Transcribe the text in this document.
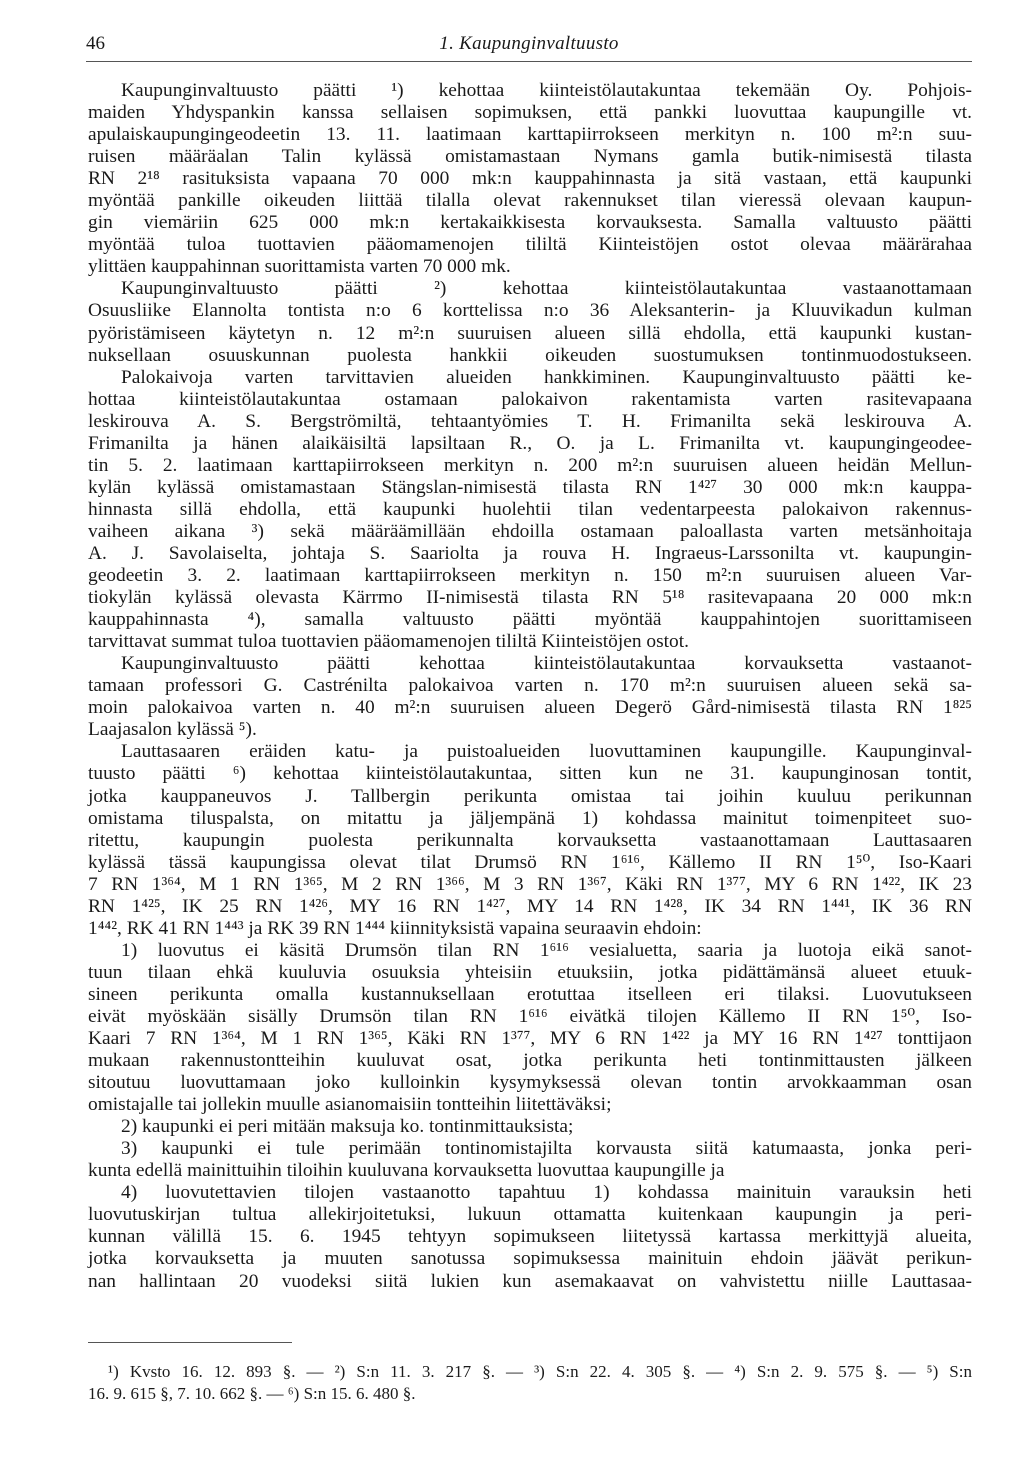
46	1. Kaupunginvaltuusto
Kaupunginvaltuusto päätti ¹) kehottaa kiinteistölautakuntaa tekemään Oy. Pohjois-
maiden Yhdyspankin kanssa sellaisen sopimuksen, että pankki luovuttaa kaupungille vt.
apulaiskaupungingeodeetin 13. 11. laatimaan karttapiirrokseen merkityn n. 100 m²:n suu-
ruisen määräalan Talin kylässä omistamastaan Nymans gamla butik-nimisestä tilasta
RN 2¹⁸ rasituksista vapaana 70 000 mk:n kauppahinnasta ja sitä vastaan, että kaupunki
myöntää pankille oikeuden liittää tilalla olevat rakennukset tilan vieressä olevaan kaupun-
gin viemäriin 625 000 mk:n kertakaikkisesta korvauksesta. Samalla valtuusto päätti
myöntää tuloa tuottavien pääomamenojen tililtä Kiinteistöjen ostot olevaa määrärahaa
ylittäen kauppahinnan suorittamista varten 70 000 mk.
Kaupunginvaltuusto päätti ²) kehottaa kiinteistölautakuntaa vastaanottamaan
Osuusliike Elannolta tontista n:o 6 korttelissa n:o 36 Aleksanterin- ja Kluuvikadun kulman
pyöristämiseen käytetyn n. 12 m²:n suuruisen alueen sillä ehdolla, että kaupunki kustan-
nuksellaan osuuskunnan puolesta hankkii oikeuden suostumuksen tontinmuodostukseen.
Palokaivoja varten tarvittavien alueiden hankkiminen. Kaupunginvaltuusto päätti ke-
hottaa kiinteistölautakuntaa ostamaan palokaivon rakentamista varten rasitevapaana
leskirouva A. S. Bergströmiltä, tehtaantyömies T. H. Frimanilta sekä leskirouva A.
Frimanilta ja hänen alaikäisiltä lapsiltaan R., O. ja L. Frimanilta vt. kaupungingeodee-
tin 5. 2. laatimaan karttapiirrokseen merkityn n. 200 m²:n suuruisen alueen heidän Mellun-
kylän kylässä omistamastaan Stängslan-nimisestä tilasta RN 1⁴²⁷ 30 000 mk:n kauppa-
hinnasta sillä ehdolla, että kaupunki huolehtii tilan vedentarpeesta palokaivon rakennus-
vaiheen aikana ³) sekä määräämillään ehdoilla ostamaan paloallasta varten metsänhoitaja
A. J. Savolaiselta, johtaja S. Saariolta ja rouva H. Ingraeus-Larssonilta vt. kaupungin-
geodeetin 3. 2. laatimaan karttapiirrokseen merkityn n. 150 m²:n suuruisen alueen Var-
tiokylän kylässä olevasta Kärrmo II-nimisestä tilasta RN 5¹⁸ rasitevapaana 20 000 mk:n
kauppahinnasta ⁴), samalla valtuusto päätti myöntää kauppahintojen suorittamiseen
tarvittavat summat tuloa tuottavien pääomamenojen tililtä Kiinteistöjen ostot.
Kaupunginvaltuusto päätti kehottaa kiinteistölautakuntaa korvauksetta vastaanot-
tamaan professori G. Castrénilta palokaivoa varten n. 170 m²:n suuruisen alueen sekä sa-
moin palokaivoa varten n. 40 m²:n suuruisen alueen Degerö Gård-nimisestä tilasta RN 1⁸²⁵
Laajasalon kylässä ⁵).
Lauttasaaren eräiden katu- ja puistoalueiden luovuttaminen kaupungille. Kaupunginval-
tuusto päätti ⁶) kehottaa kiinteistölautakuntaa, sitten kun ne 31. kaupunginosan tontit,
jotka kauppaneuvos J. Tallbergin perikunta omistaa tai joihin kuuluu perikunnan
omistama tiluspalsta, on mitattu ja jäljempänä 1) kohdassa mainitut toimenpiteet suo-
ritettu, kaupungin puolesta perikunnalta korvauksetta vastaanottamaan Lauttasaaren
kylässä tässä kaupungissa olevat tilat Drumsö RN 1⁶¹⁶, Källemo II RN 1⁵⁰, Iso-Kaari
7 RN 1³⁶⁴, M 1 RN 1³⁶⁵, M 2 RN 1³⁶⁶, M 3 RN 1³⁶⁷, Käki RN 1³⁷⁷, MY 6 RN 1⁴²², IK 23
RN 1⁴²⁵, IK 25 RN 1⁴²⁶, MY 16 RN 1⁴²⁷, MY 14 RN 1⁴²⁸, IK 34 RN 1⁴⁴¹, IK 36 RN
1⁴⁴², RK 41 RN 1⁴⁴³ ja RK 39 RN 1⁴⁴⁴ kiinnityksistä vapaina seuraavin ehdoin:
1) luovutus ei käsitä Drumsön tilan RN 1⁶¹⁶ vesialuetta, saaria ja luotoja eikä sanot-
tuun tilaan ehkä kuuluvia osuuksia yhteisiin etuuksiin, jotka pidättämänsä alueet etuuk-
sineen perikunta omalla kustannuksellaan erotuttaa itselleen eri tilaksi. Luovutukseen
eivät myöskään sisälly Drumsön tilan RN 1⁶¹⁶ eivätkä tilojen Källemo II RN 1⁵⁰, Iso-
Kaari 7 RN 1³⁶⁴, M 1 RN 1³⁶⁵, Käki RN 1³⁷⁷, MY 6 RN 1⁴²² ja MY 16 RN 1⁴²⁷ tonttijaon
mukaan rakennustontteihin kuuluvat osat, jotka perikunta heti tontinmittausten jälkeen
sitoutuu luovuttamaan joko kulloinkin kysymyksessä olevan tontin arvokkaamman osan
omistajalle tai jollekin muulle asianomaisiin tontteihin liitettäväksi;
2) kaupunki ei peri mitään maksuja ko. tontinmittauksista;
3) kaupunki ei tule perimään tontinomistajilta korvausta siitä katumaasta, jonka peri-
kunta edellä mainittuihin tiloihin kuuluvana korvauksetta luovuttaa kaupungille ja
4) luovutettavien tilojen vastaanotto tapahtuu 1) kohdassa mainituin varauksin heti
luovutuskirjan tultua allekirjoitetuksi, lukuun ottamatta kuitenkaan kaupungin ja peri-
kunnan välillä 15. 6. 1945 tehtyyn sopimukseen liitetyssä kartassa merkittyjä alueita,
jotka korvauksetta ja muuten sanotussa sopimuksessa mainituin ehdoin jäävät perikun-
nan hallintaan 20 vuodeksi siitä lukien kun asemakaavat on vahvistettu niille Lauttasaa-
¹) Kvsto 16. 12. 893 §. — ²) S:n 11. 3. 217 §. — ³) S:n 22. 4. 305 §. — ⁴) S:n 2. 9. 575 §. — ⁵) S:n
16. 9. 615 §, 7. 10. 662 §. — ⁶) S:n 15. 6. 480 §.
